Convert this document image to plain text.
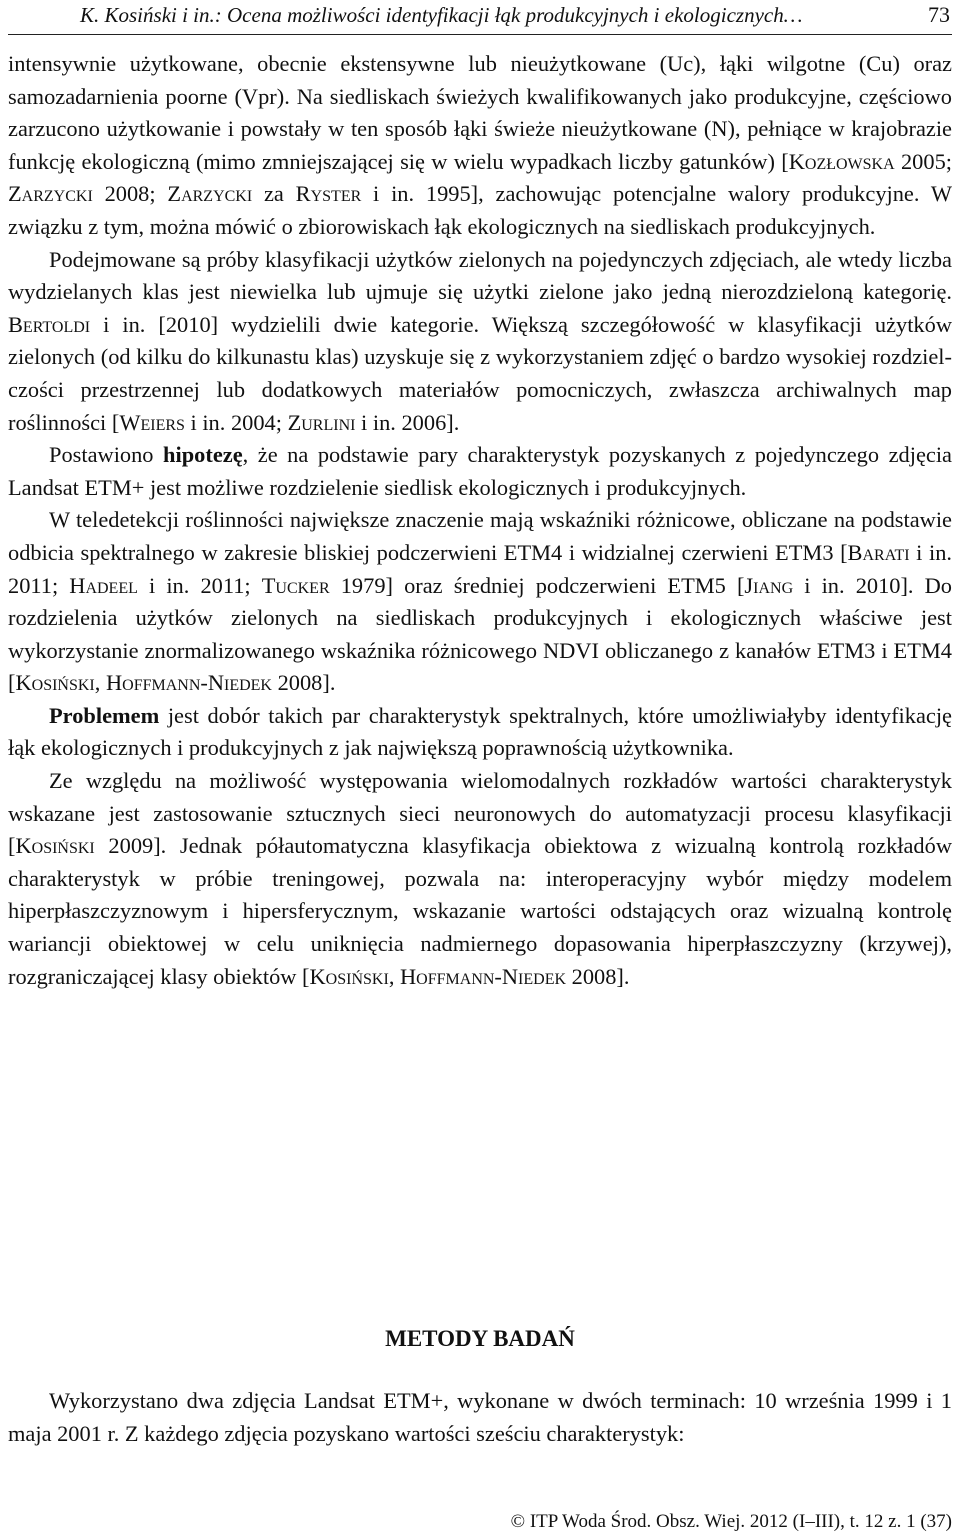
K. Kosiński i in.: Ocena możliwości identyfikacji łąk produkcyjnych i ekologicznych…	73

intensywnie użytkowane, obecnie ekstensywne lub nieużytkowane (Uc), łąki wilgotne (Cu) oraz samozadarnienia poorne (Vpr). Na siedliskach świeżych kwalifikowanych jako produkcyjne, częściowo zarzucono użytkowanie i powstały w ten sposób łąki świeże nieużytkowane (N), pełniące w krajobrazie funkcję ekologiczną (mimo zmniejszającej się w wielu wypadkach liczby gatunków) [Kozłowska 2005; Zarzycki 2008; Zarzycki za Ryster i in. 1995], zachowując potencjalne walory produkcyjne. W związku z tym, można mówić o zbiorowiskach łąk ekologicznych na siedliskach produkcyjnych.

Podejmowane są próby klasyfikacji użytków zielonych na pojedynczych zdjęciach, ale wtedy liczba wydzielanych klas jest niewielka lub ujmuje się użytki zielone jako jedną nierozdzieloną kategorię. Bertoldi i in. [2010] wydzielili dwie kategorie. Większą szczegółowość w klasyfikacji użytków zielonych (od kilku do kilkunastu klas) uzyskuje się z wykorzystaniem zdjęć o bardzo wysokiej rozdzielczości przestrzennej lub dodatkowych materiałów pomocniczych, zwłaszcza archiwalnych map roślinności [Weiers i in. 2004; Zurlini i in. 2006].

Postawiono hipotezę, że na podstawie pary charakterystyk pozyskanych z pojedynczego zdjęcia Landsat ETM+ jest możliwe rozdzielenie siedlisk ekologicznych i produkcyjnych.

W teledetekcji roślinności największe znaczenie mają wskaźniki różnicowe, obliczane na podstawie odbicia spektralnego w zakresie bliskiej podczerwieni ETM4 i widzialnej czerwieni ETM3 [Barati i in. 2011; Hadeel i in. 2011; Tucker 1979] oraz średniej podczerwieni ETM5 [Jiang i in. 2010]. Do rozdzielenia użytków zielonych na siedliskach produkcyjnych i ekologicznych właściwe jest wykorzystanie znormalizowanego wskaźnika różnicowego NDVI obliczanego z kanałów ETM3 i ETM4 [Kosiński, Hoffmann-Niedek 2008].

Problemem jest dobór takich par charakterystyk spektralnych, które umożliwiałyby identyfikację łąk ekologicznych i produkcyjnych z jak największą poprawnością użytkownika.

Ze względu na możliwość występowania wielomodalnych rozkładów wartości charakterystyk wskazane jest zastosowanie sztucznych sieci neuronowych do automatyzacji procesu klasyfikacji [Kosiński 2009]. Jednak półautomatyczna klasyfikacja obiektowa z wizualną kontrolą rozkładów charakterystyk w próbie treningowej, pozwala na: interoperacyjny wybór między modelem hiperpłaszczyznowym i hipersferycznym, wskazanie wartości odstających oraz wizualną kontrolę wariancji obiektowej w celu uniknięcia nadmiernego dopasowania hiperpłaszczyzny (krzywej), rozgraniczającej klasy obiektów [Kosiński, Hoffmann-Niedek 2008].

METODY BADAŃ

Wykorzystano dwa zdjęcia Landsat ETM+, wykonane w dwóch terminach: 10 września 1999 i 1 maja 2001 r. Z każdego zdjęcia pozyskano wartości sześciu charakterystyk:

© ITP Woda Środ. Obsz. Wiej. 2012 (I–III), t. 12 z. 1 (37)
